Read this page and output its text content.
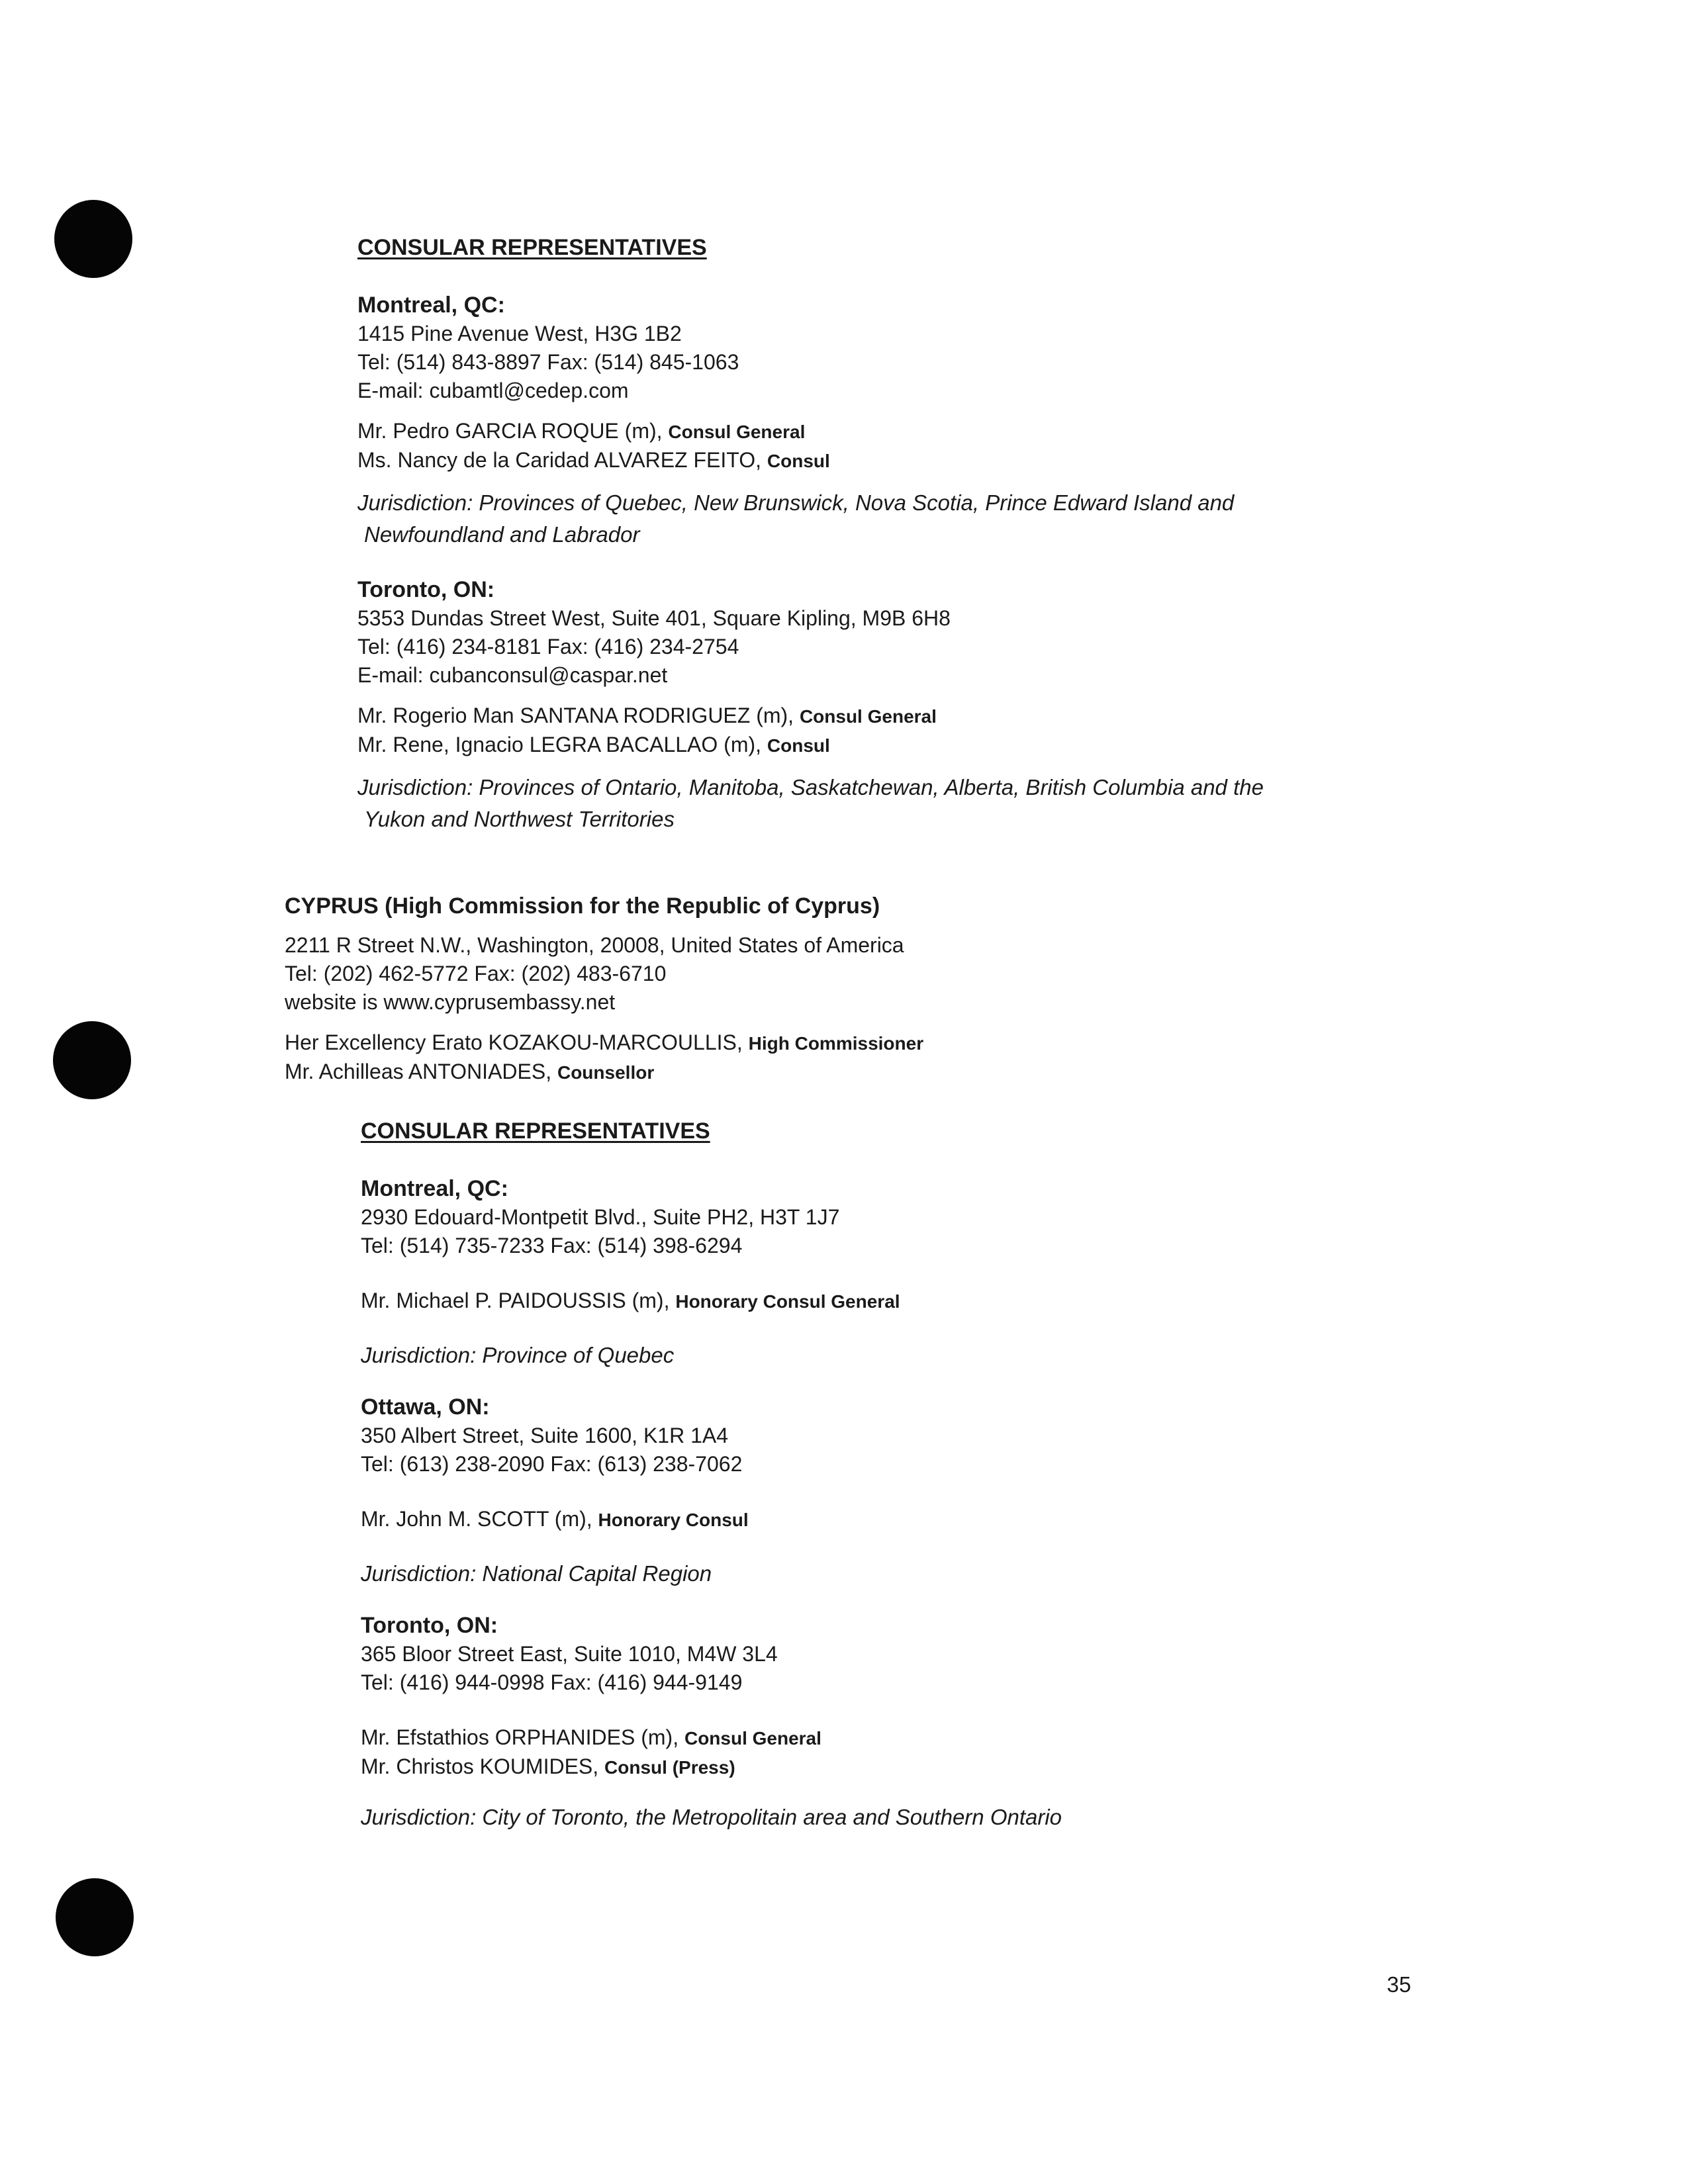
CONSULAR REPRESENTATIVES
Montreal, QC:
1415 Pine Avenue West, H3G 1B2
Tel: (514) 843-8897 Fax: (514) 845-1063
E-mail: cubamtl@cedep.com
Mr. Pedro GARCIA ROQUE (m), Consul General
Ms. Nancy de la Caridad ALVAREZ FEITO, Consul
Jurisdiction: Provinces of Quebec, New Brunswick, Nova Scotia, Prince Edward Island and
Newfoundland and Labrador
Toronto, ON:
5353 Dundas Street West, Suite 401, Square Kipling, M9B 6H8
Tel: (416) 234-8181 Fax: (416) 234-2754
E-mail: cubanconsul@caspar.net
Mr. Rogerio Man SANTANA RODRIGUEZ (m), Consul General
Mr. Rene, Ignacio LEGRA BACALLAO (m), Consul
Jurisdiction: Provinces of Ontario, Manitoba, Saskatchewan, Alberta, British Columbia and the
Yukon and Northwest Territories
CYPRUS (High Commission for the Republic of Cyprus)
2211 R Street N.W., Washington, 20008, United States of America
Tel: (202) 462-5772 Fax: (202) 483-6710
website is www.cyprusembassy.net
Her Excellency Erato KOZAKOU-MARCOULLIS, High Commissioner
Mr. Achilleas ANTONIADES, Counsellor
CONSULAR REPRESENTATIVES
Montreal, QC:
2930 Edouard-Montpetit Blvd., Suite PH2, H3T 1J7
Tel: (514) 735-7233 Fax: (514) 398-6294
Mr. Michael P. PAIDOUSSIS (m), Honorary Consul General
Jurisdiction: Province of Quebec
Ottawa, ON:
350 Albert Street, Suite 1600, K1R 1A4
Tel: (613) 238-2090 Fax: (613) 238-7062
Mr. John M. SCOTT (m), Honorary Consul
Jurisdiction: National Capital Region
Toronto, ON:
365 Bloor Street East, Suite 1010, M4W 3L4
Tel: (416) 944-0998 Fax: (416) 944-9149
Mr. Efstathios ORPHANIDES (m), Consul General
Mr. Christos KOUMIDES, Consul (Press)
Jurisdiction: City of Toronto, the Metropolitain area and Southern Ontario
35
